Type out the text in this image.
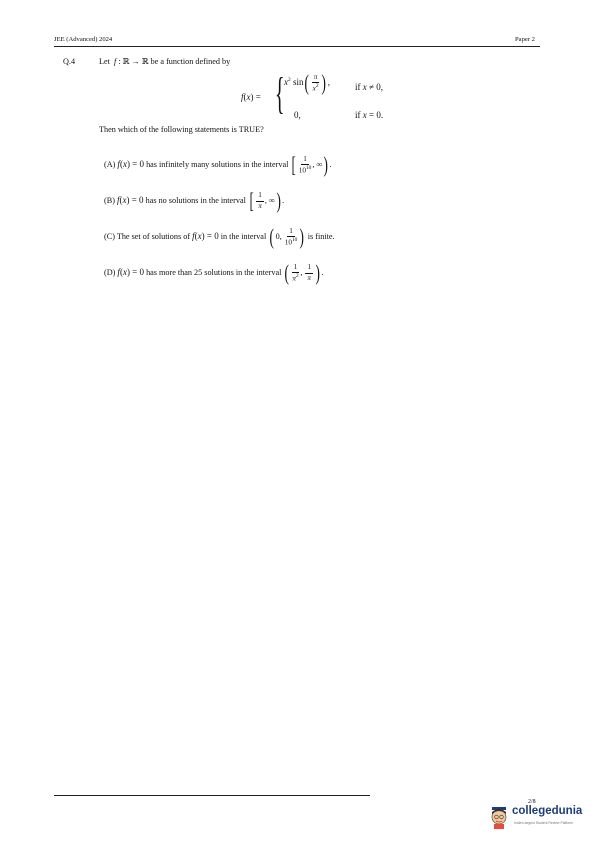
JEE (Advanced) 2024	Paper 2
Q.4	Let  f : ℝ → ℝ be a function defined by
f(x) = { $x^2$ $\sin( \frac{\pi}{x^2}$ ),	if x ≠ 0,
0,	if x = 0.
Then which of the following statements is TRUE?
(A) f(x) = 0 has infinitely many solutions in the interval [ $\frac{1}{10^{10}}$ , ∞).
(B) f(x) = 0 has no solutions in the interval [ $\frac{1}{\pi}$ , ∞).
(C) The set of solutions of f(x) = 0 in the interval (0, $\frac{1}{10^{10}}$ ) is finite.
(D) f(x) = 0 has more than 25 solutions in the interval ( $\frac{1}{\pi^2}$ , $\frac{1}{\pi}$ ).
2/8
collegedunia
India's largest Student Review Platform
